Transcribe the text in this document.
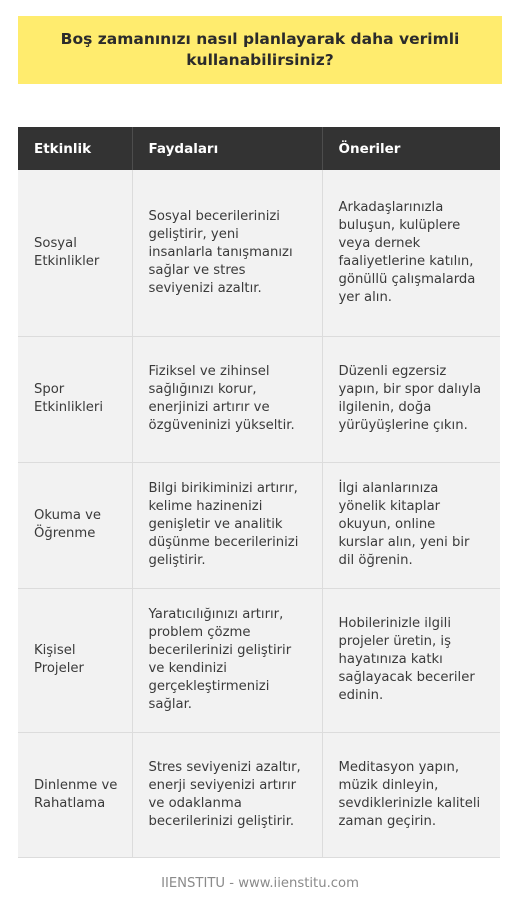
Boş zamanınızı nasıl planlayarak daha verimli kullanabilirsiniz?
Etkinlik	Faydaları	Öneriler
Sosyal Etkinlikler	Sosyal becerilerinizi geliştirir, yeni insanlarla tanışmanızı sağlar ve stres seviyenizi azaltır.	Arkadaşlarınızla buluşun, kulüplere veya dernek faaliyetlerine katılın, gönüllü çalışmalarda yer alın.
Spor Etkinlikleri	Fiziksel ve zihinsel sağlığınızı korur, enerjinizi artırır ve özgüveninizi yükseltir.	Düzenli egzersiz yapın, bir spor dalıyla ilgilenin, doğa yürüyüşlerine çıkın.
Okuma ve Öğrenme	Bilgi birikiminizi artırır, kelime hazinenizi genişletir ve analitik düşünme becerilerinizi geliştirir.	İlgi alanlarınıza yönelik kitaplar okuyun, online kurslar alın, yeni bir dil öğrenin.
Kişisel Projeler	Yaratıcılığınızı artırır, problem çözme becerilerinizi geliştirir ve kendinizi gerçekleştirmenizi sağlar.	Hobilerinizle ilgili projeler üretin, iş hayatınıza katkı sağlayacak beceriler edinin.
Dinlenme ve Rahatlama	Stres seviyenizi azaltır, enerji seviyenizi artırır ve odaklanma becerilerinizi geliştirir.	Meditasyon yapın, müzik dinleyin, sevdiklerinizle kaliteli zaman geçirin.
IIENSTITU - www.iienstitu.com
